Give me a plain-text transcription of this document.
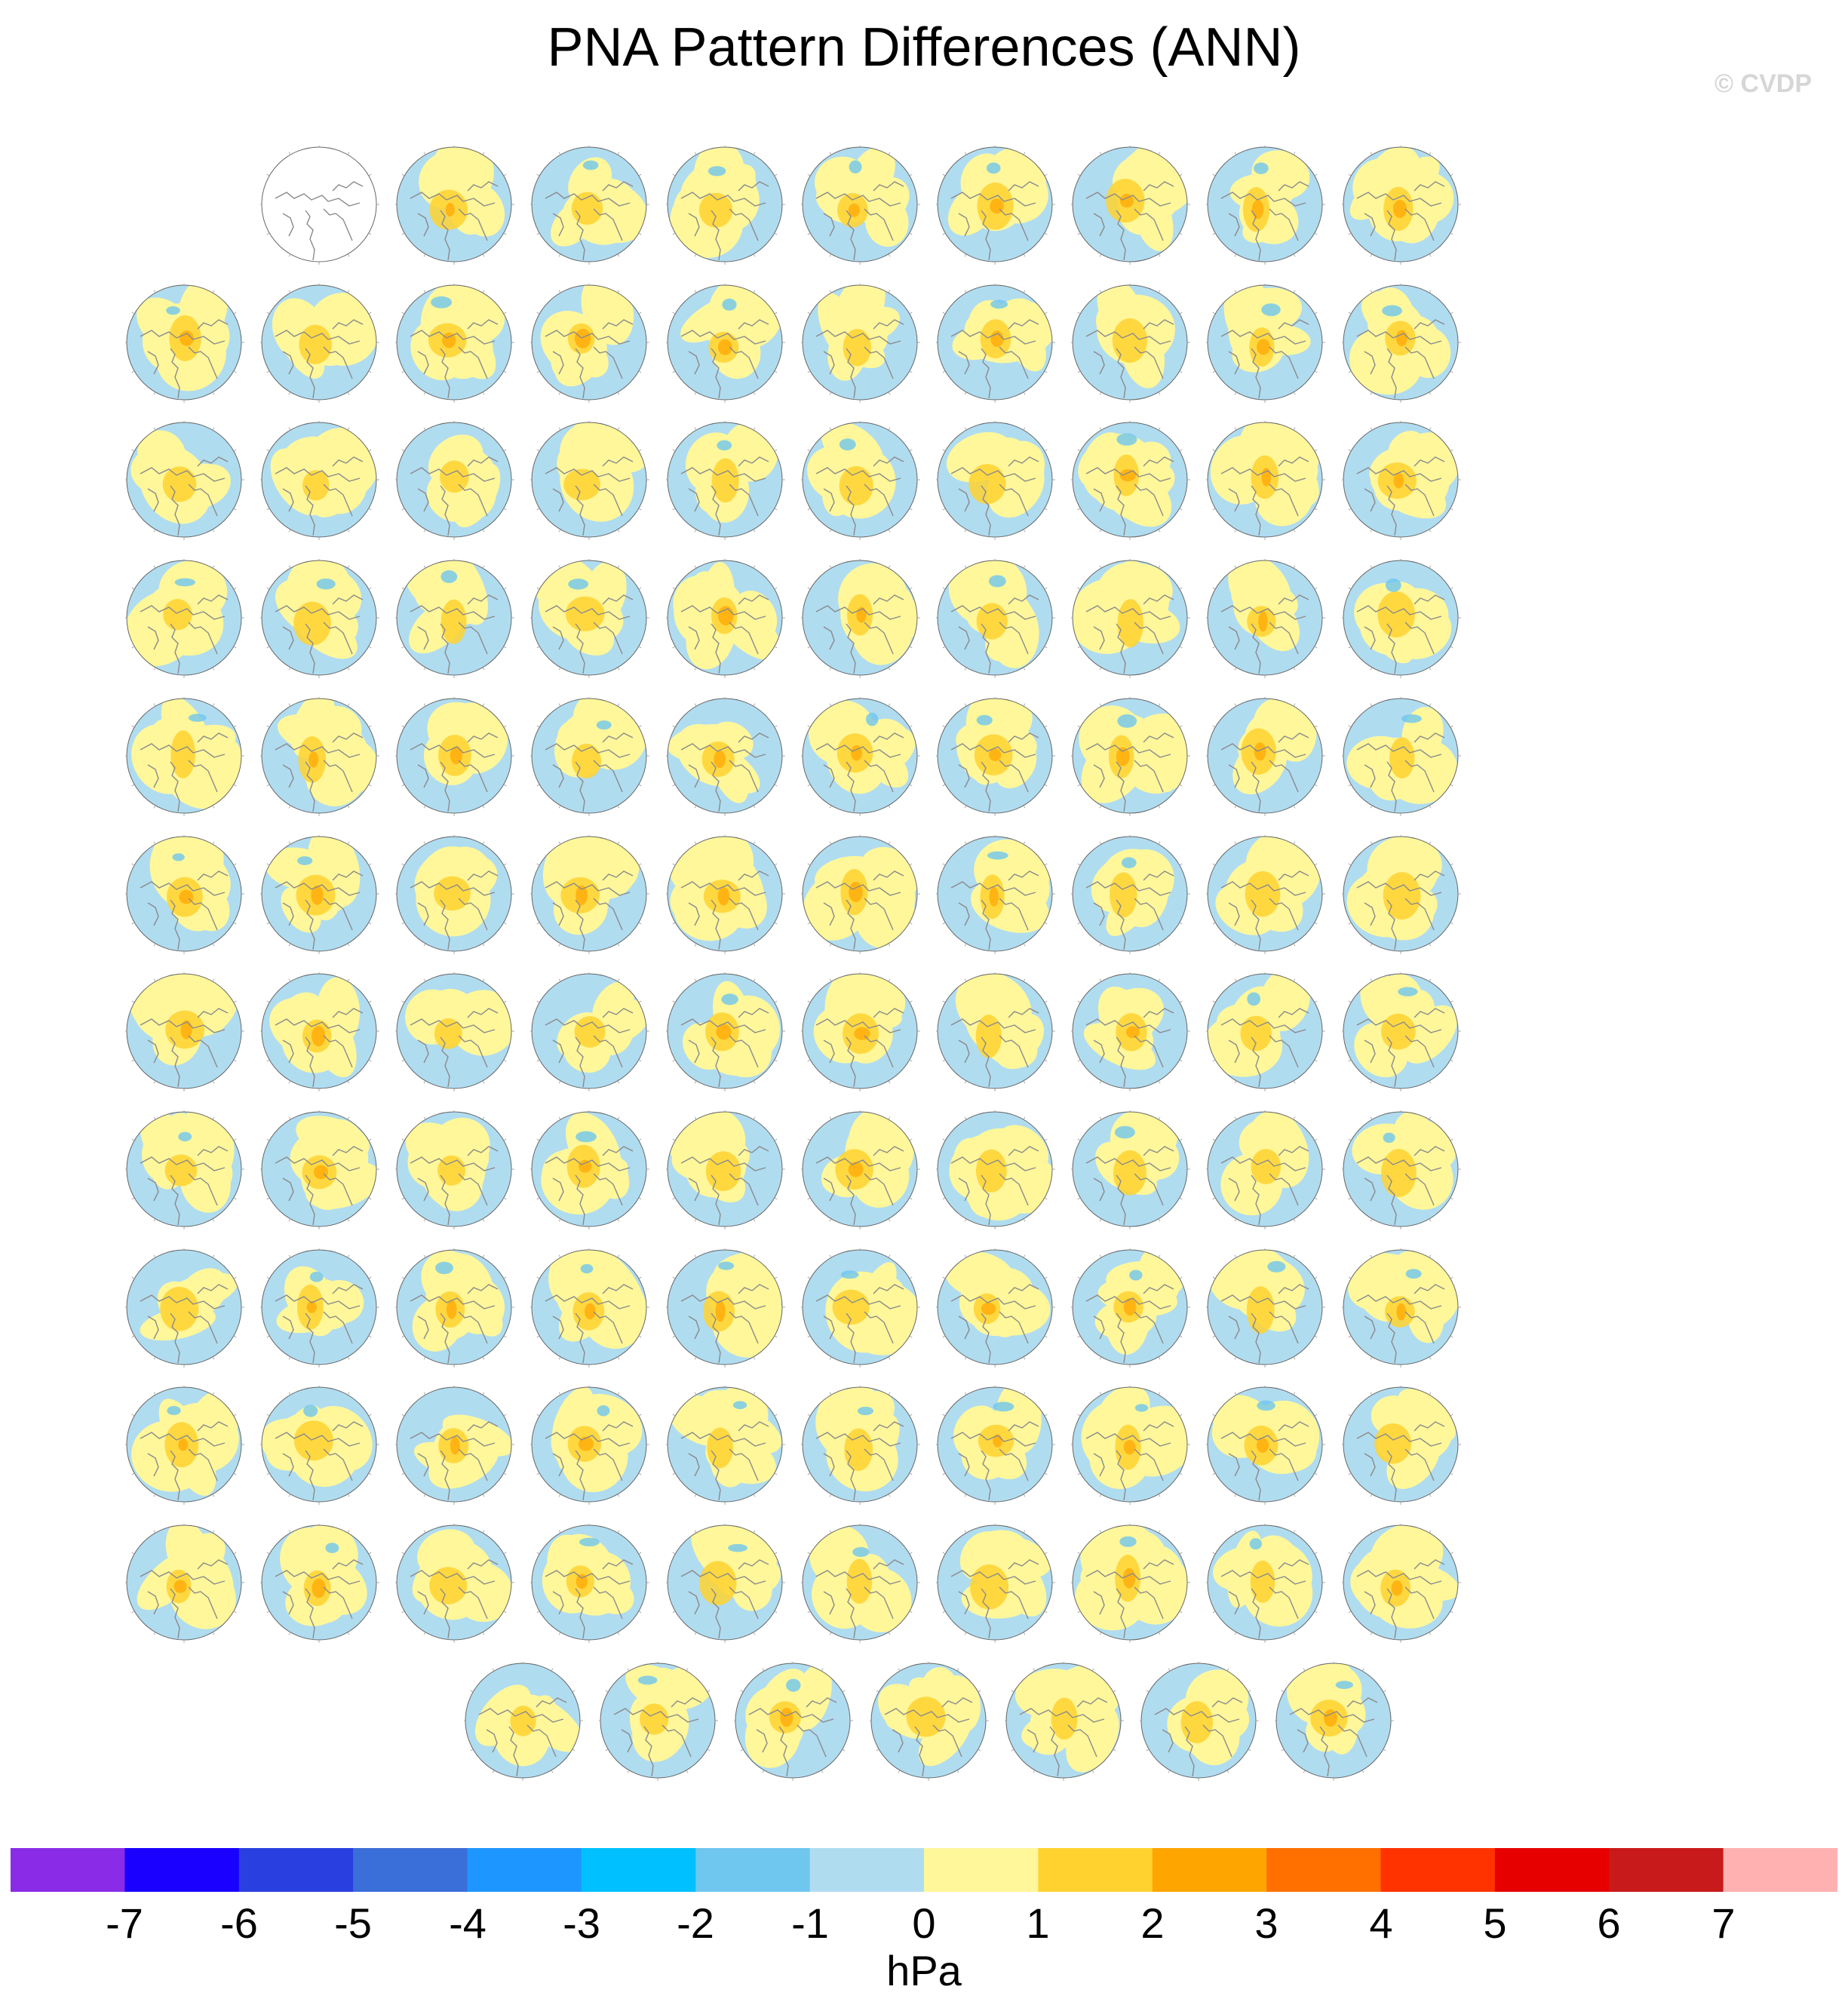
PNA Pattern Differences (ANN)
© CVDP
-7	-6	-5	-4	-3	-2	-1	0	1	2	3	4	5	6	7
hPa
